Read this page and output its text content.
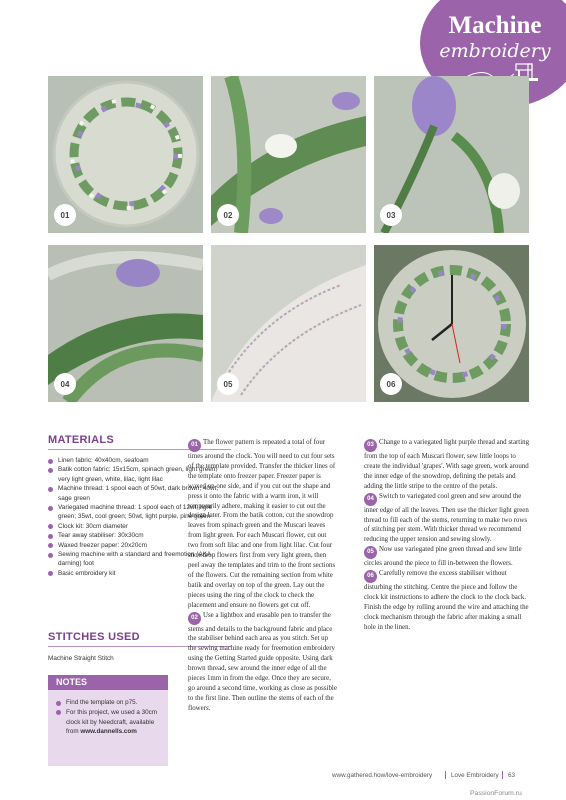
Machine
embroidery
01	02	03
04	05	06
MATERIALS
Linen fabric: 40x40cm, seafoam
Batik cotton fabric: 15x15cm, spinach green, light green, very light green, white, lilac, light lilac
Machine thread: 1 spool each of 50wt, dark brown; 40wt, sage green
Variegated machine thread: 1 spool each of 12wt, light green; 35wt, cool green; 50wt, light purple, pine green
Clock kit: 30cm diameter
Tear away stabiliser: 30x30cm
Waxed freezer paper: 20x20cm
Sewing machine with a standard and freemotion (AKA darning) foot
Basic embroidery kit
STITCHES USED
Machine Straight Stitch
NOTES
Find the template on p75.
For this project, we used a 30cm clock kit by Needcraft, available from www.dannells.com

01 The flower pattern is repeated a total of four times around the clock. You will need to cut four sets of the template provided. Transfer the thicker lines of the template onto freezer paper. Freezer paper is waxed on one side, and if you cut out the shape and press it onto the fabric with a warm iron, it will temporarily adhere, making it easier to cut out the design later. From the batik cotton, cut the snowdrop leaves from spinach green and the Muscari leaves from light green. For each Muscari flower, cut out two from soft lilac and one from light lilac. Cut four snowdrop flowers first from very light green, then peel away the templates and trim to the front sections of the flowers. Cut the remaining section from white batik and overlay on top of the green. Lay out the pieces using the ring of the clock to check the placement and ensure no flowers get cut off.

02 Use a lightbox and erasable pen to transfer the stems and details to the background fabric and place the stabiliser behind each area as you stitch. Set up the sewing machine ready for freemotion embroidery using the Getting Started guide opposite. Using dark brown thread, sew around the inner edge of all the pieces 1mm in from the edge. Once they are secure, go around a second time, working as close as possible to the first line. Then outline the stems of each of the flowers.

03 Change to a variegated light purple thread and starting from the top of each Muscari flower, sew little loops to create the individual 'grapes'. With sage green, work around the inner edge of the snowdrop, defining the petals and adding the little stripe to the centre of the petals.

04 Switch to variegated cool green and sew around the inner edge of all the leaves. Then use the thicker light green thread to fill each of the stems, returning to make two rows of stitching per stem. With thicker thread we recommend reducing the upper tension and sewing slowly.

05 Now use variegated pine green thread and sew little circles around the piece to fill in-between the flowers.

06 Carefully remove the excess stabiliser without disturbing the stitching. Centre the piece and follow the clock kit instructions to adhere the clock to the clock back. Finish the edge by rolling around the wire and attaching the clock mechanism through the fabric after making a small hole in the linen.

www.gathered.how/love-embroidery	Love Embroidery 63
PassionForum.ru
